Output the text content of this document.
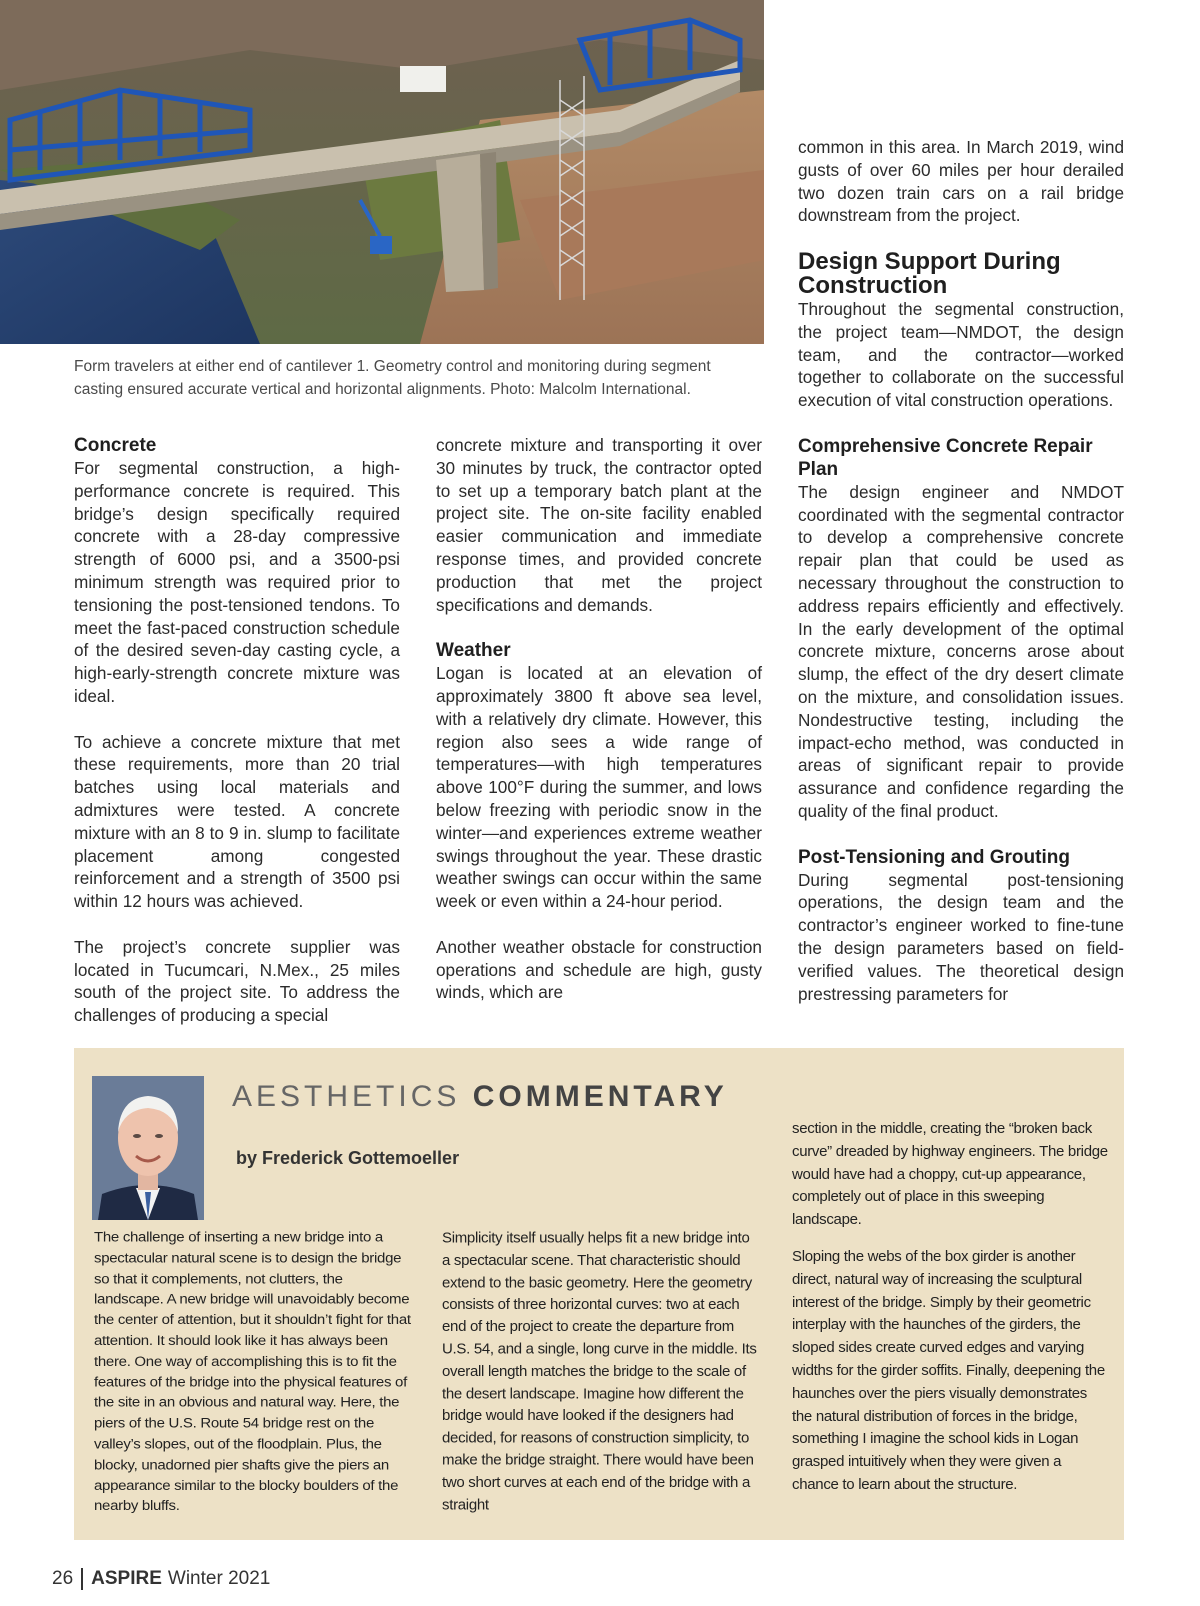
Form travelers at either end of cantilever 1. Geometry control and monitoring during segment casting ensured accurate vertical and horizontal alignments. Photo: Malcolm International.

Concrete

For segmental construction, a high-performance concrete is required. This bridge’s design specifically required concrete with a 28-day compressive strength of 6000 psi, and a 3500-psi minimum strength was required prior to tensioning the post-tensioned tendons. To meet the fast-paced construction schedule of the desired seven-day casting cycle, a high-early-strength concrete mixture was ideal.

To achieve a concrete mixture that met these requirements, more than 20 trial batches using local materials and admixtures were tested. A concrete mixture with an 8 to 9 in. slump to facilitate placement among congested reinforcement and a strength of 3500 psi within 12 hours was achieved.

The project’s concrete supplier was located in Tucumcari, N.Mex., 25 miles south of the project site. To address the challenges of producing a special

concrete mixture and transporting it over 30 minutes by truck, the contractor opted to set up a temporary batch plant at the project site. The on-site facility enabled easier communication and immediate response times, and provided concrete production that met the project specifications and demands.

Weather

Logan is located at an elevation of approximately 3800 ft above sea level, with a relatively dry climate. However, this region also sees a wide range of temperatures—with high temperatures above 100°F during the summer, and lows below freezing with periodic snow in the winter—and experiences extreme weather swings throughout the year. These drastic weather swings can occur within the same week or even within a 24-hour period.

Another weather obstacle for construction operations and schedule are high, gusty winds, which are

common in this area. In March 2019, wind gusts of over 60 miles per hour derailed two dozen train cars on a rail bridge downstream from the project.

Design Support During Construction

Throughout the segmental construction, the project team—NMDOT, the design team, and the contractor—worked together to collaborate on the successful execution of vital construction operations.

Comprehensive Concrete Repair Plan

The design engineer and NMDOT coordinated with the segmental contractor to develop a comprehensive concrete repair plan that could be used as necessary throughout the construction to address repairs efficiently and effectively. In the early development of the optimal concrete mixture, concerns arose about slump, the effect of the dry desert climate on the mixture, and consolidation issues. Nondestructive testing, including the impact-echo method, was conducted in areas of significant repair to provide assurance and confidence regarding the quality of the final product.

Post-Tensioning and Grouting

During segmental post-tensioning operations, the design team and the contractor’s engineer worked to fine-tune the design parameters based on field-verified values. The theoretical design prestressing parameters for

AESTHETICS COMMENTARY

by Frederick Gottemoeller

The challenge of inserting a new bridge into a spectacular natural scene is to design the bridge so that it complements, not clutters, the landscape. A new bridge will unavoidably become the center of attention, but it shouldn’t fight for that attention. It should look like it has always been there. One way of accomplishing this is to fit the features of the bridge into the physical features of the site in an obvious and natural way. Here, the piers of the U.S. Route 54 bridge rest on the valley’s slopes, out of the floodplain. Plus, the blocky, unadorned pier shafts give the piers an appearance similar to the blocky boulders of the nearby bluffs.

Simplicity itself usually helps fit a new bridge into a spectacular scene. That characteristic should extend to the basic geometry. Here the geometry consists of three horizontal curves: two at each end of the project to create the departure from U.S. 54, and a single, long curve in the middle. Its overall length matches the bridge to the scale of the desert landscape. Imagine how different the bridge would have looked if the designers had decided, for reasons of construction simplicity, to make the bridge straight. There would have been two short curves at each end of the bridge with a straight

section in the middle, creating the “broken back curve” dreaded by highway engineers. The bridge would have had a choppy, cut-up appearance, completely out of place in this sweeping landscape.

Sloping the webs of the box girder is another direct, natural way of increasing the sculptural interest of the bridge. Simply by their geometric interplay with the haunches of the girders, the sloped sides create curved edges and varying widths for the girder soffits. Finally, deepening the haunches over the piers visually demonstrates the natural distribution of forces in the bridge, something I imagine the school kids in Logan grasped intuitively when they were given a chance to learn about the structure.

26 ASPIRE Winter 2021
